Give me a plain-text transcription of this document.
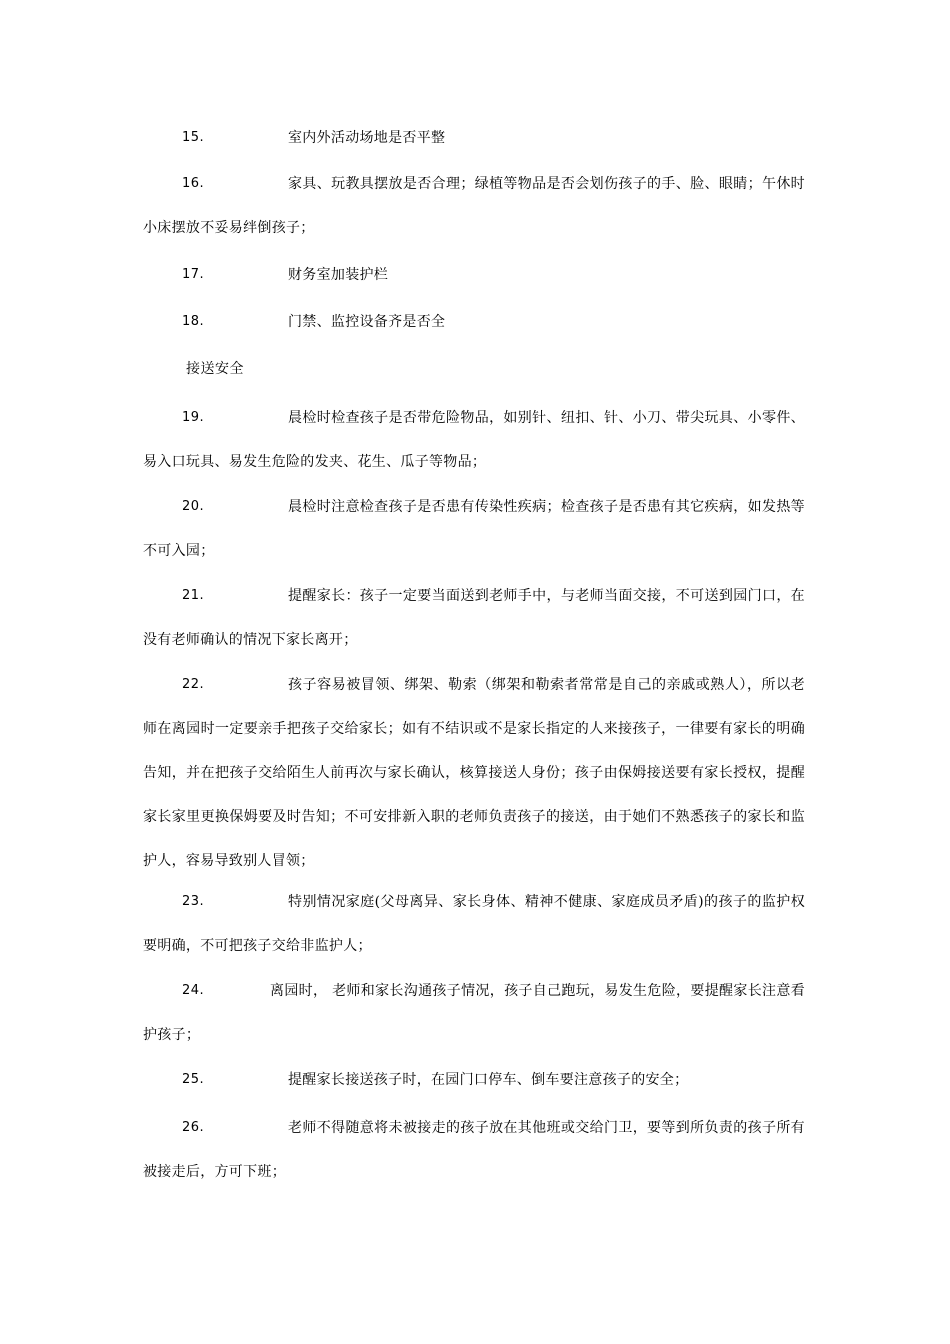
15.	室内外活动场地是否平整
16.	家具、玩教具摆放是否合理；绿植等物品是否会划伤孩子的手、脸、眼睛；午休时
小床摆放不妥易绊倒孩子；
17.	财务室加装护栏
18.	门禁、监控设备齐是否全
接送安全
19.	晨检时检查孩子是否带危险物品，如别针、纽扣、针、小刀、带尖玩具、小零件、
易入口玩具、易发生危险的发夹、花生、瓜子等物品；
20.	晨检时注意检查孩子是否患有传染性疾病；检查孩子是否患有其它疾病，如发热等
不可入园；
21.	提醒家长：孩子一定要当面送到老师手中，与老师当面交接，不可送到园门口，在
没有老师确认的情况下家长离开；
22.	孩子容易被冒领、绑架、勒索（绑架和勒索者常常是自己的亲戚或熟人），所以老
师在离园时一定要亲手把孩子交给家长；如有不结识或不是家长指定的人来接孩子，一律要有家长的明确
告知，并在把孩子交给陌生人前再次与家长确认，核算接送人身份；孩子由保姆接送要有家长授权，提醒
家长家里更换保姆要及时告知；不可安排新入职的老师负责孩子的接送，由于她们不熟悉孩子的家长和监
护人，容易导致别人冒领；
23.	特别情况家庭(父母离异、家长身体、精神不健康、家庭成员矛盾)的孩子的监护权
要明确，不可把孩子交给非监护人；
24.	离园时， 老师和家长沟通孩子情况，孩子自己跑玩，易发生危险，要提醒家长注意看
护孩子；
25.	提醒家长接送孩子时，在园门口停车、倒车要注意孩子的安全；
26.	老师不得随意将未被接走的孩子放在其他班或交给门卫，要等到所负责的孩子所有
被接走后，方可下班；
